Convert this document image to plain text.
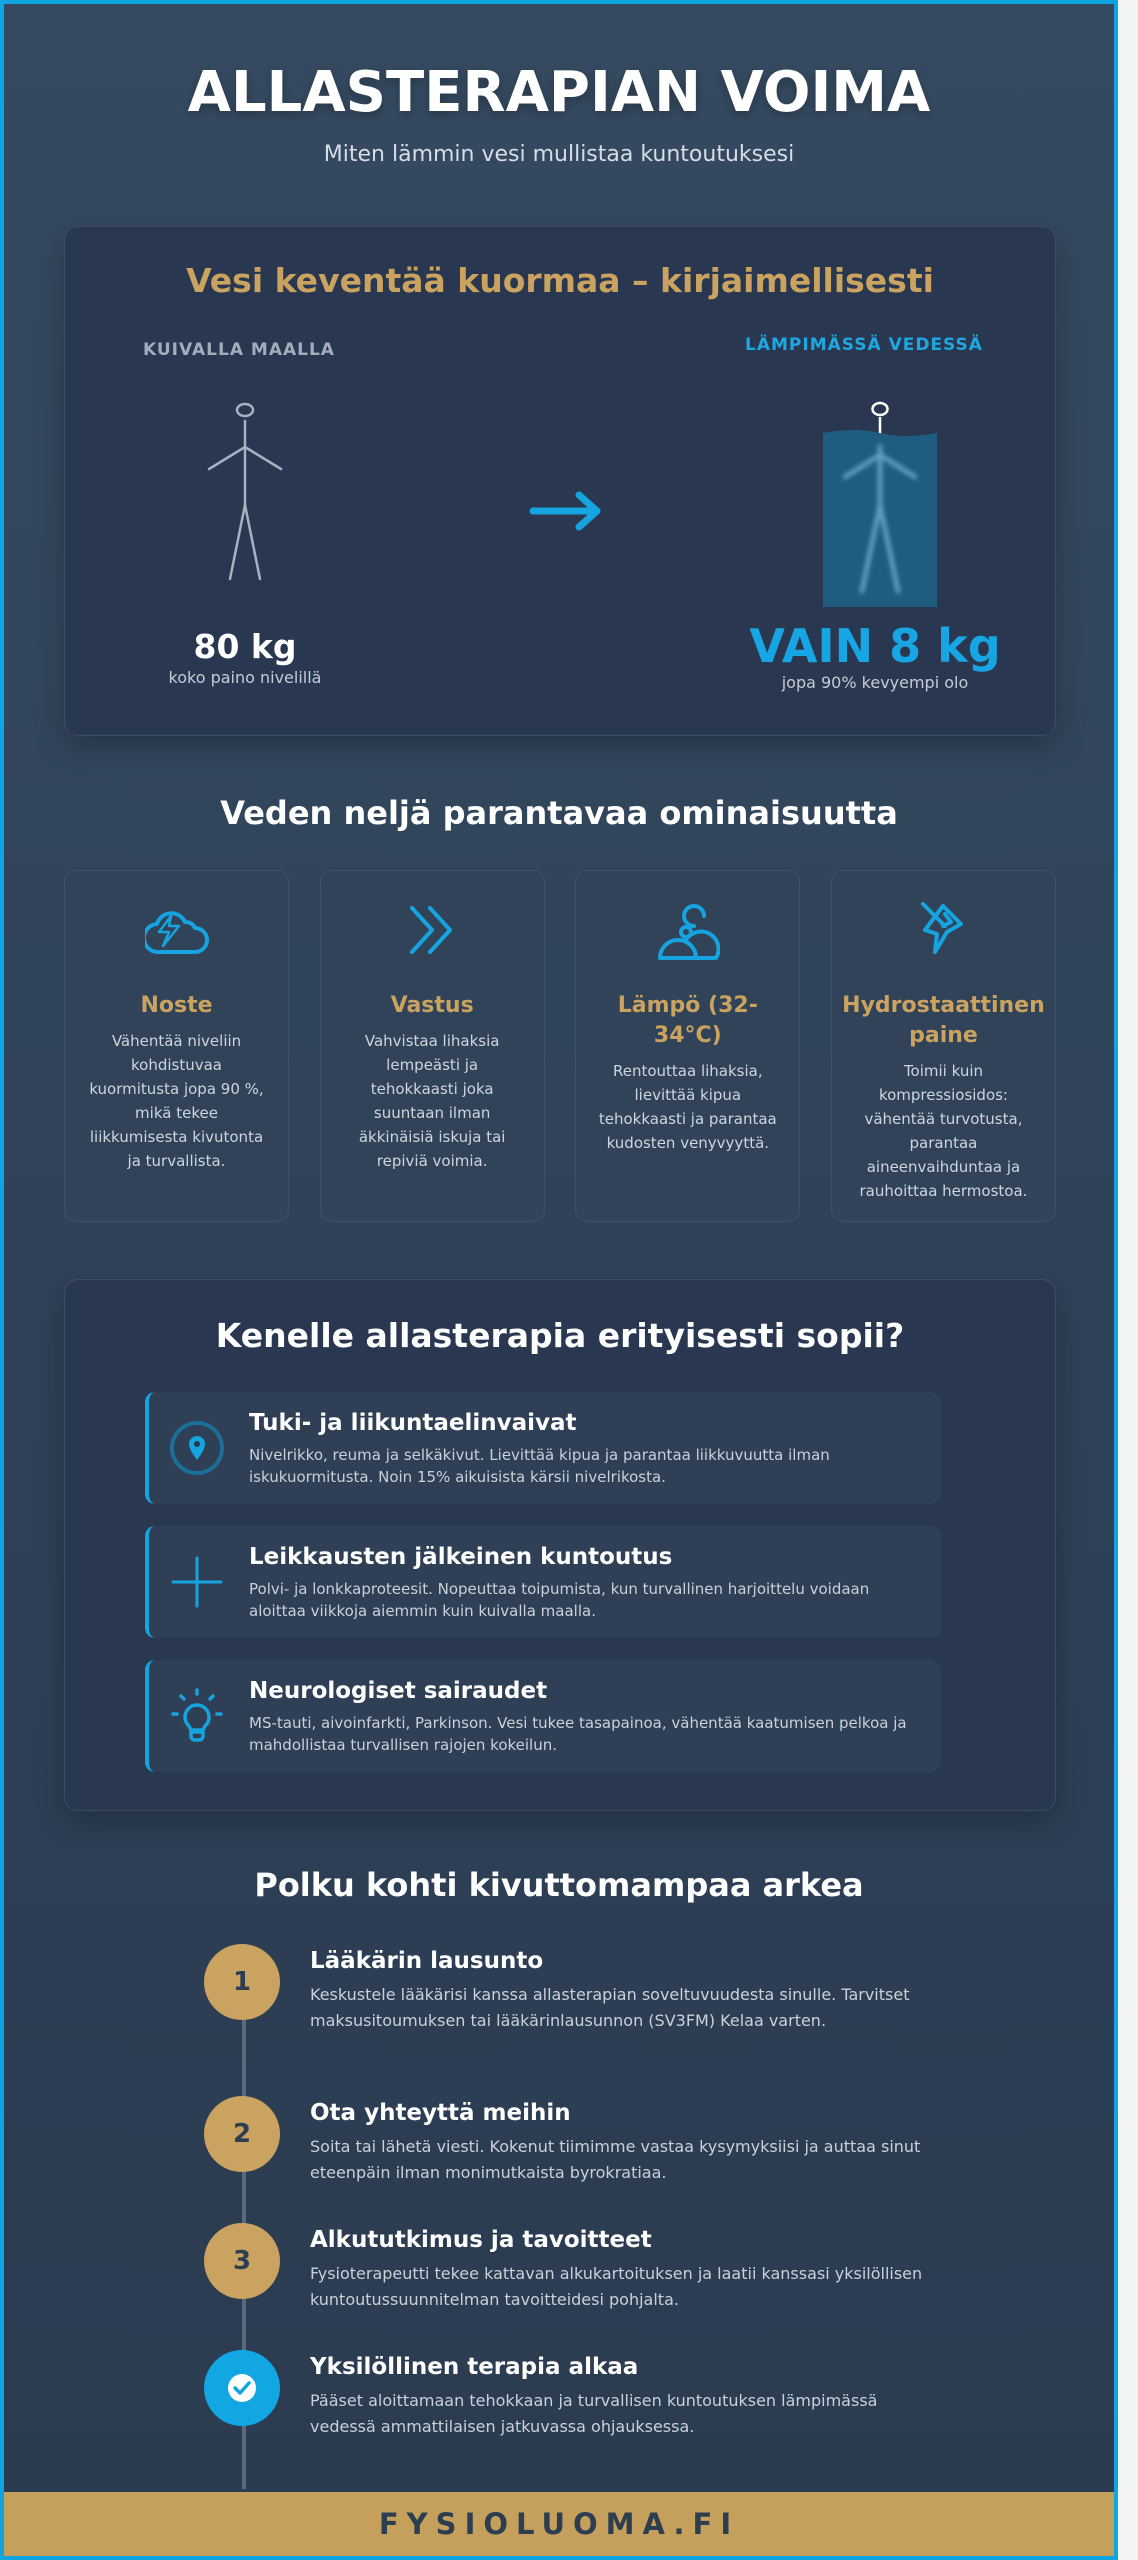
ALLASTERAPIAN VOIMA

Miten lämmin vesi mullistaa kuntoutuksesi

Vesi keventää kuormaa – kirjaimellisesti
KUIVALLA MAALLA	LÄMPIMÄSSÄ VEDESSÄ
80 kg
koko paino nivelillä
VAIN 8 kg
jopa 90% kevyempi olo
Veden neljä parantavaa ominaisuutta
Noste

Vähentää niveliin kohdistuvaa kuormitusta jopa 90 %, mikä tekee liikkumisesta kivutonta ja turvallista.

Vastus

Vahvistaa lihaksia lempeästi ja tehokkaasti joka suuntaan ilman äkkinäisiä iskuja tai repiviä voimia.

Lämpö (32-34°C)

Rentouttaa lihaksia, lievittää kipua tehokkaasti ja parantaa kudosten venyvyyttä.

Hydrostaattinen paine

Toimii kuin kompressiosidos: vähentää turvotusta, parantaa aineenvaihduntaa ja rauhoittaa hermostoa.

Kenelle allasterapia erityisesti sopii?
Tuki- ja liikuntaelinvaivat

Nivelrikko, reuma ja selkäkivut. Lievittää kipua ja parantaa liikkuvuutta ilman iskukuormitusta. Noin 15% aikuisista kärsii nivelrikosta.

Leikkausten jälkeinen kuntoutus

Polvi- ja lonkkaproteesit. Nopeuttaa toipumista, kun turvallinen harjoittelu voidaan aloittaa viikkoja aiemmin kuin kuivalla maalla.

Neurologiset sairaudet

MS-tauti, aivoinfarkti, Parkinson. Vesi tukee tasapainoa, vähentää kaatumisen pelkoa ja mahdollistaa turvallisen rajojen kokeilun.

Polku kohti kivuttomampaa arkea
1
Lääkärin lausunto

Keskustele lääkärisi kanssa allasterapian soveltuvuudesta sinulle. Tarvitset maksusitoumuksen tai lääkärinlausunnon (SV3FM) Kelaa varten.

2
Ota yhteyttä meihin

Soita tai lähetä viesti. Kokenut tiimimme vastaa kysymyksiisi ja auttaa sinut eteenpäin ilman monimutkaista byrokratiaa.

3
Alkututkimus ja tavoitteet

Fysioterapeutti tekee kattavan alkukartoituksen ja laatii kanssasi yksilöllisen kuntoutussuunnitelman tavoitteidesi pohjalta.

Yksilöllinen terapia alkaa

Pääset aloittamaan tehokkaan ja turvallisen kuntoutuksen lämpimässä vedessä ammattilaisen jatkuvassa ohjauksessa.

FYSIOLUOMA.FI
